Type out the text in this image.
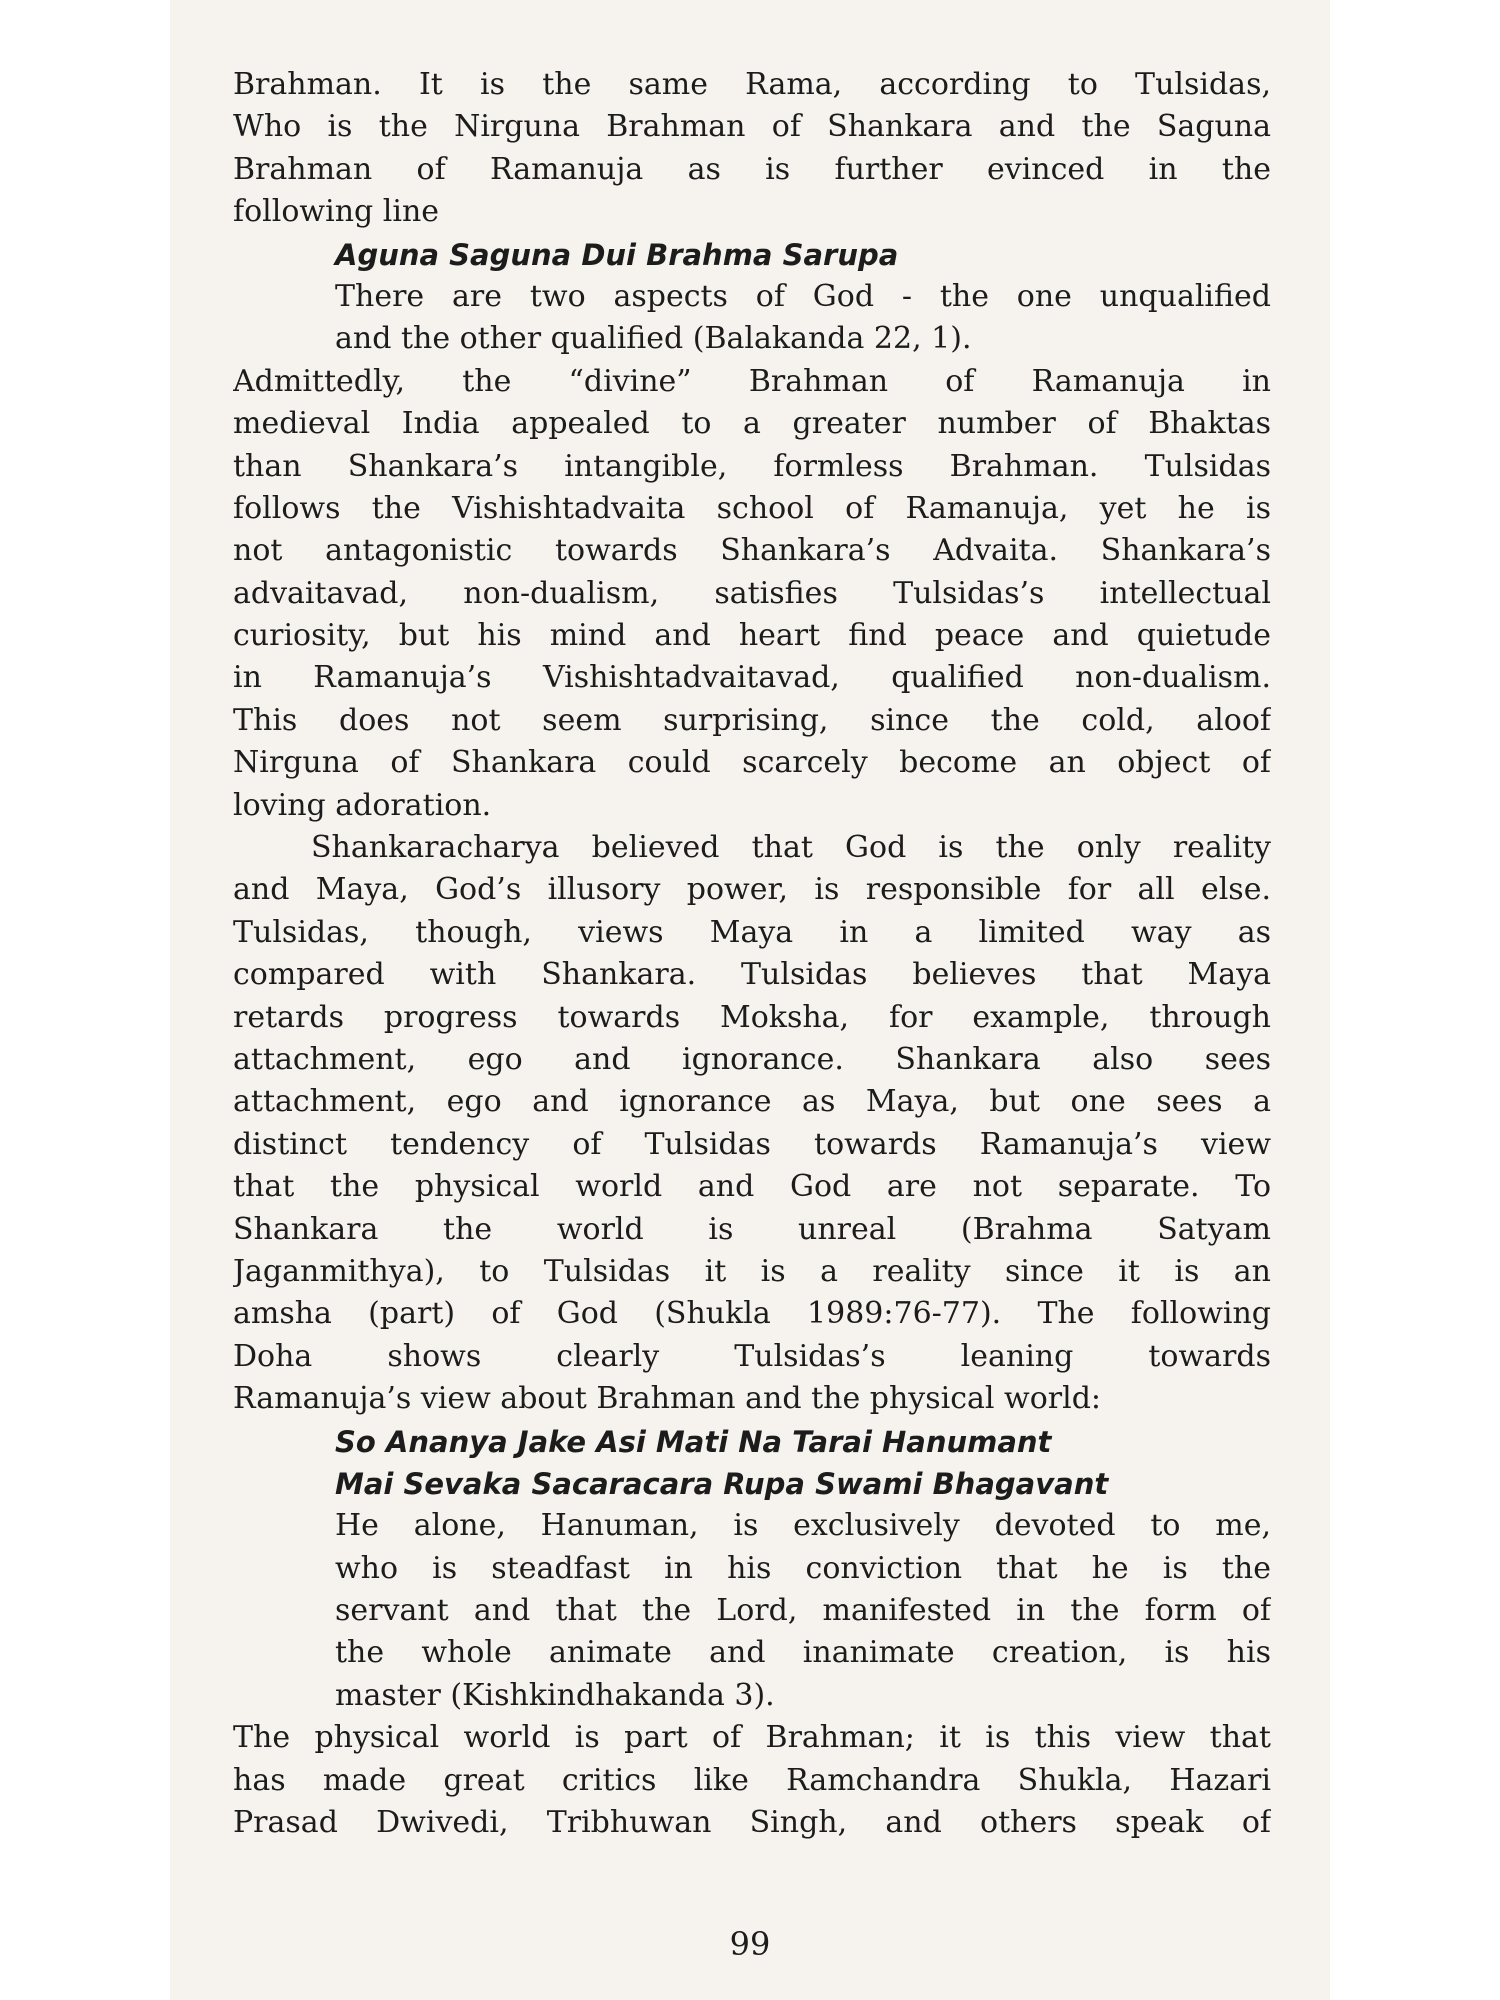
Brahman. It is the same Rama, according to Tulsidas,
Who is the Nirguna Brahman of Shankara and the Saguna
Brahman of Ramanuja as is further evinced in the
following line
Aguna Saguna Dui Brahma Sarupa
There are two aspects of God - the one unqualified
and the other qualified (Balakanda 22, 1).
Admittedly, the “divine” Brahman of Ramanuja in
medieval India appealed to a greater number of Bhaktas
than Shankara’s intangible, formless Brahman. Tulsidas
follows the Vishishtadvaita school of Ramanuja, yet he is
not antagonistic towards Shankara’s Advaita. Shankara’s
advaitavad, non-dualism, satisfies Tulsidas’s intellectual
curiosity, but his mind and heart find peace and quietude
in Ramanuja’s Vishishtadvaitavad, qualified non-dualism.
This does not seem surprising, since the cold, aloof
Nirguna of Shankara could scarcely become an object of
loving adoration.
Shankaracharya believed that God is the only reality
and Maya, God’s illusory power, is responsible for all else.
Tulsidas, though, views Maya in a limited way as
compared with Shankara. Tulsidas believes that Maya
retards progress towards Moksha, for example, through
attachment, ego and ignorance. Shankara also sees
attachment, ego and ignorance as Maya, but one sees a
distinct tendency of Tulsidas towards Ramanuja’s view
that the physical world and God are not separate. To
Shankara the world is unreal (Brahma Satyam
Jaganmithya), to Tulsidas it is a reality since it is an
amsha (part) of God (Shukla 1989:76-77). The following
Doha shows clearly Tulsidas’s leaning towards
Ramanuja’s view about Brahman and the physical world:
So Ananya Jake Asi Mati Na Tarai Hanumant
Mai Sevaka Sacaracara Rupa Swami Bhagavant
He alone, Hanuman, is exclusively devoted to me,
who is steadfast in his conviction that he is the
servant and that the Lord, manifested in the form of
the whole animate and inanimate creation, is his
master (Kishkindhakanda 3).
The physical world is part of Brahman; it is this view that
has made great critics like Ramchandra Shukla, Hazari
Prasad Dwivedi, Tribhuwan Singh, and others speak of
99
